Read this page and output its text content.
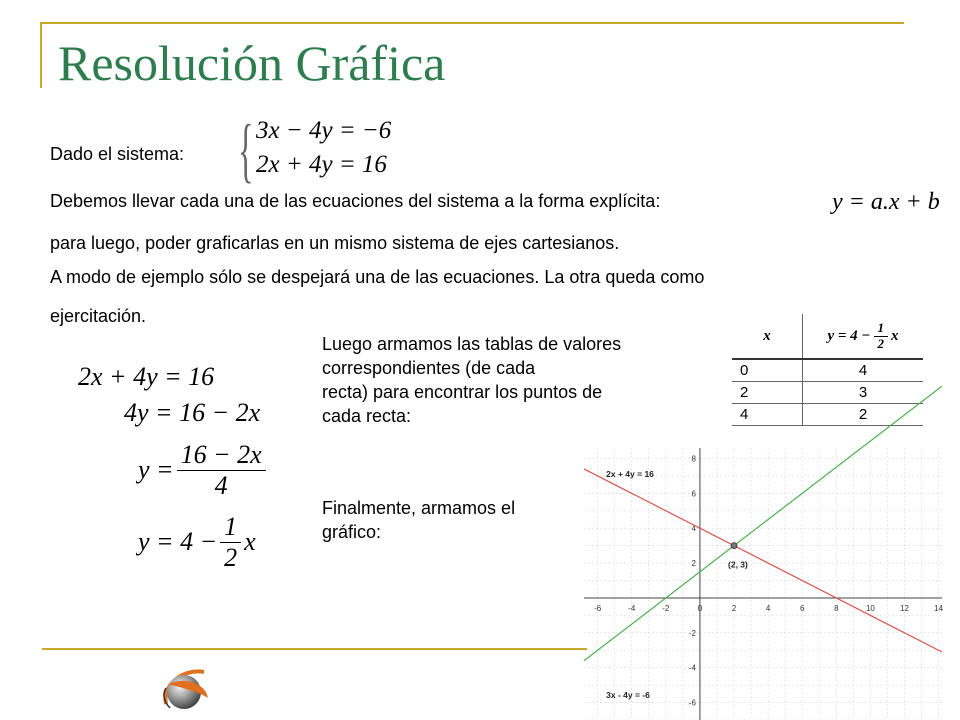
Resolución Gráfica
Dado el sistema: { 3x − 4y = −6
2x + 4y = 16
Debemos llevar cada una de las ecuaciones del sistema a la forma explícita:	y = a.x + b
para luego, poder graficarlas en un mismo sistema de ejes cartesianos.
A modo de ejemplo sólo se despejará una de las ecuaciones. La otra queda como
ejercitación.
2x + 4y = 16
4y = 16 − 2x
$y = \frac{16 - 2x}{4}$
$y = 4 - \frac{1}{2}$ x
Luego armamos las tablas de valores
correspondientes (de cada
recta) para encontrar los puntos de
cada recta:
Finalmente, armamos el
gráfico:
x	$y = 4 - \frac{1}{2}$ x

0	4
2	3
4	2
-6	-4	-2	0	2	4	6	8	10	12	14
-6
-4
-2
2
4
6
8
2x + 4y = 16
3x - 4y = -6
(2, 3)
